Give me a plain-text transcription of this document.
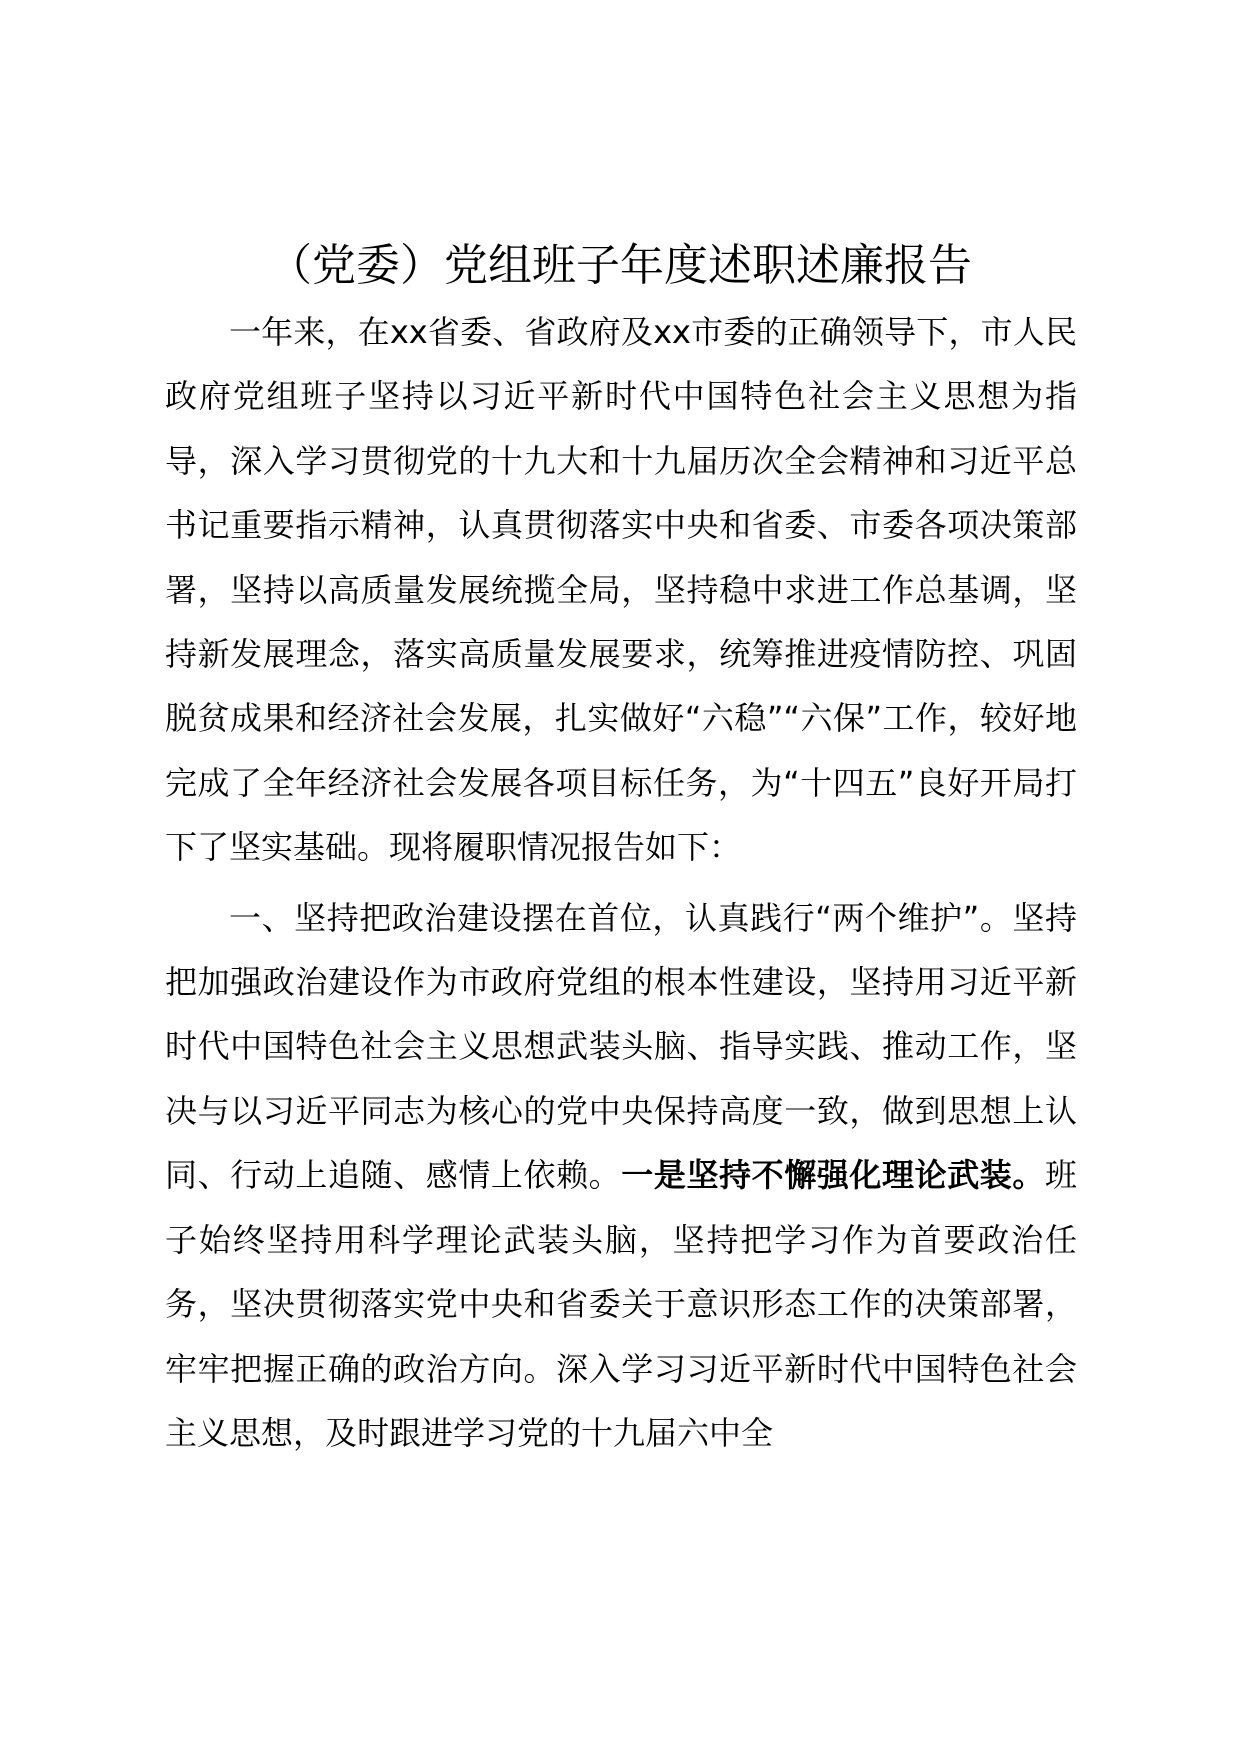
（党委）党组班子年度述职述廉报告

一年来，在xx省委、省政府及xx市委的正确领导下，市人民政府党组班子坚持以习近平新时代中国特色社会主义思想为指导，深入学习贯彻党的十九大和十九届历次全会精神和习近平总书记重要指示精神，认真贯彻落实中央和省委、市委各项决策部署，坚持以高质量发展统揽全局，坚持稳中求进工作总基调，坚持新发展理念，落实高质量发展要求，统筹推进疫情防控、巩固脱贫成果和经济社会发展，扎实做好“六稳”“六保”工作，较好地完成了全年经济社会发展各项目标任务，为“十四五”良好开局打下了坚实基础。现将履职情况报告如下：

一、坚持把政治建设摆在首位，认真践行“两个维护”。坚持把加强政治建设作为市政府党组的根本性建设，坚持用习近平新时代中国特色社会主义思想武装头脑、指导实践、推动工作，坚决与以习近平同志为核心的党中央保持高度一致，做到思想上认同、行动上追随、感情上依赖。一是坚持不懈强化理论武装。班子始终坚持用科学理论武装头脑，坚持把学习作为首要政治任务，坚决贯彻落实党中央和省委关于意识形态工作的决策部署，牢牢把握正确的政治方向。深入学习习近平新时代中国特色社会主义思想，及时跟进学习党的十九届六中全
